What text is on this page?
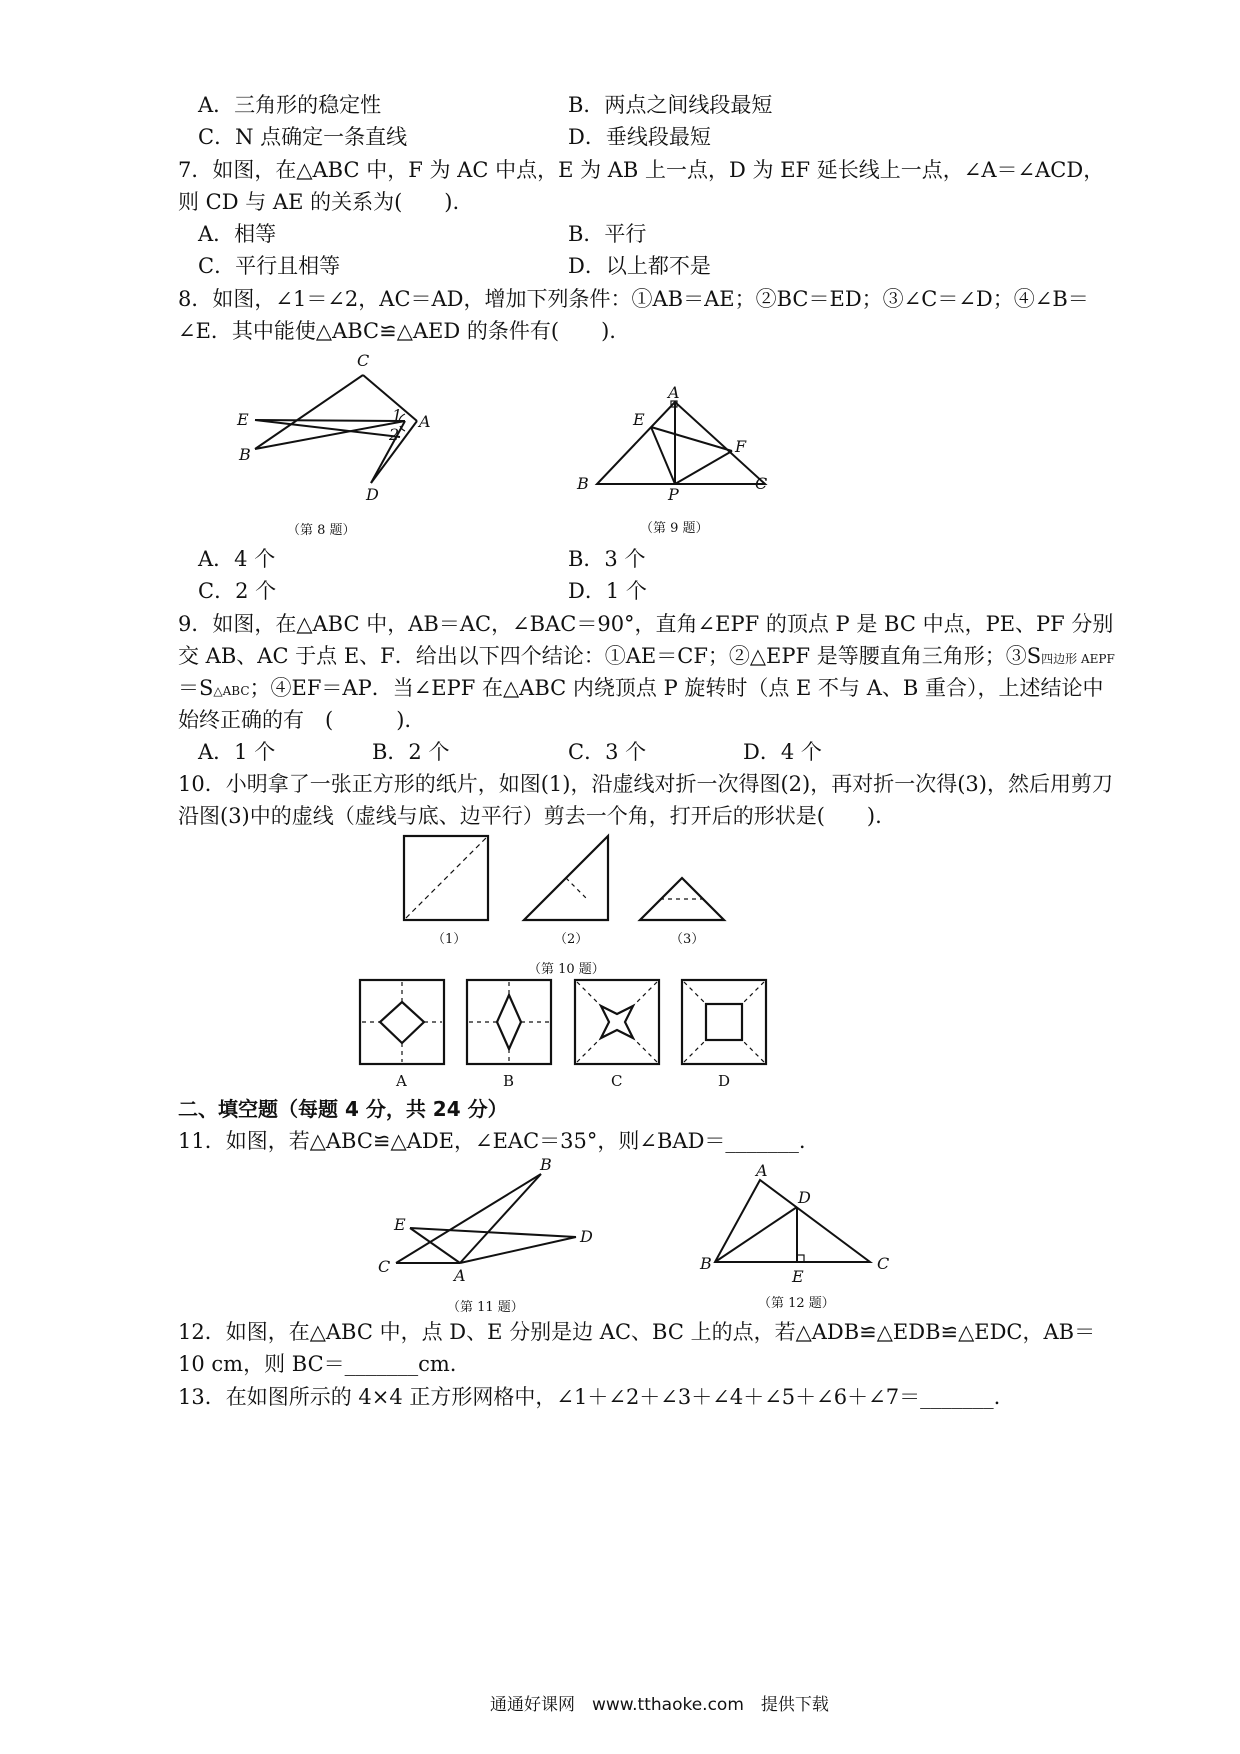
A．三角形的稳定性	B．两点之间线段最短
C．N 点确定一条直线	D．垂线段最短
7．如图，在△ABC 中，F 为 AC 中点，E 为 AB 上一点，D 为 EF 延长线上一点，∠A＝∠ACD，
则 CD 与 AE 的关系为(　　).
A．相等	B．平行
C．平行且相等	D．以上都不是
8．如图，∠1＝∠2，AC＝AD，增加下列条件：①AB＝AE；②BC＝ED；③∠C＝∠D；④∠B＝
∠E．其中能使△ABC≌△AED 的条件有(　　).
C
E
B
A
D
1
2
A
E
F
B
P
C
B
E
D
C	A
A
D
B
E
C
（第 8 题）	（第 9 题）
A．4 个	B．3 个
C．2 个	D．1 个
9．如图，在△ABC 中，AB＝AC，∠BAC＝90°，直角∠EPF 的顶点 P 是 BC 中点，PE、PF 分别
交 AB、AC 于点 E、F．给出以下四个结论：①AE＝CF；②△EPF 是等腰直角三角形；③S四边形 AEPF
＝S△ABC；④EF＝AP．当∠EPF 在△ABC 内绕顶点 P 旋转时（点 E 不与 A、B 重合），上述结论中
始终正确的有　(　　　).
A．1 个	B．2 个	C．3 个	D．4 个
10．小明拿了一张正方形的纸片，如图(1)，沿虚线对折一次得图(2)，再对折一次得(3)，然后用剪刀
沿图(3)中的虚线（虚线与底、边平行）剪去一个角，打开后的形状是(　　).
（1）	（2）	（3）
（第 10 题）
A	B	C	D
二、填空题（每题 4 分，共 24 分）
11．如图，若△ABC≌△ADE，∠EAC＝35°，则∠BAD＝_______.
（第 11 题）	（第 12 题）
12．如图，在△ABC 中，点 D、E 分别是边 AC、BC 上的点，若△ADB≌△EDB≌△EDC，AB＝
10 cm，则 BC＝_______cm.
13．在如图所示的 4×4 正方形网格中，∠1＋∠2＋∠3＋∠4＋∠5＋∠6＋∠7＝_______.
通通好课网　www.tthaoke.com　提供下载
